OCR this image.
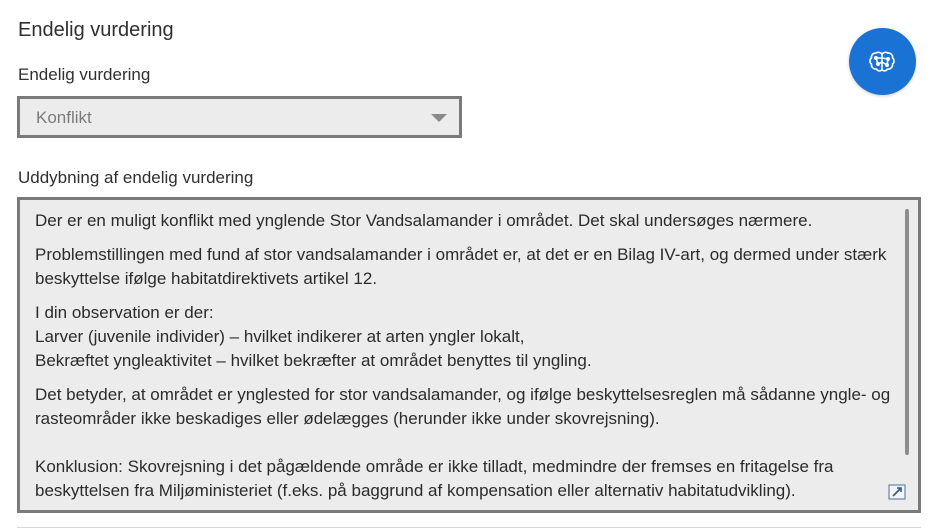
Endelig vurdering
Endelig vurdering
Konflikt
Uddybning af endelig vurdering

Der er en muligt konflikt med ynglende Stor Vandsalamander i området. Det skal undersøges nærmere.

Problemstillingen med fund af stor vandsalamander i området er, at det er en Bilag IV-art, og dermed under stærk beskyttelse ifølge habitatdirektivets artikel 12.

I din observation er der:
Larver (juvenile individer) – hvilket indikerer at arten yngler lokalt,
Bekræftet yngleaktivitet – hvilket bekræfter at området benyttes til yngling.

Det betyder, at området er ynglested for stor vandsalamander, og ifølge beskyttelsesreglen må sådanne yngle- og rasteområder ikke beskadiges eller ødelægges (herunder ikke under skovrejsning).

Konklusion: Skovrejsning i det pågældende område er ikke tilladt, medmindre der fremses en fritagelse fra beskyttelsen fra Miljøministeriet (f.eks. på baggrund af kompensation eller alternativ habitatudvikling).
